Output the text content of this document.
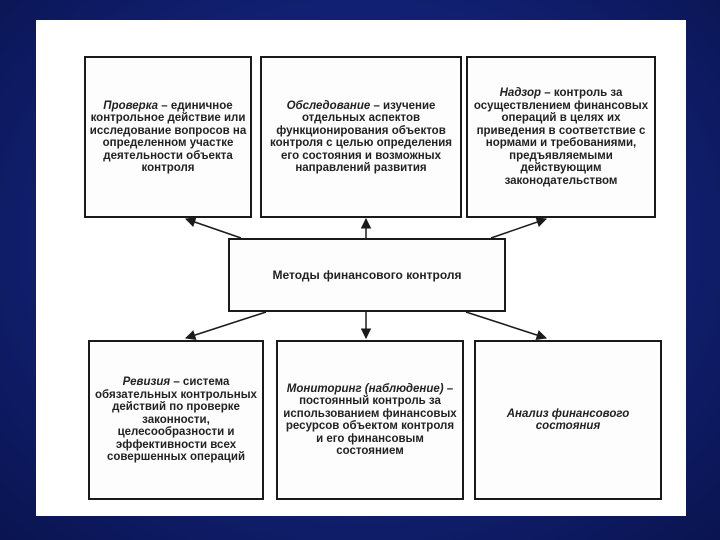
Проверка – единичное контрольное действие или исследование вопросов на определенном участке деятельности объекта контроля
Обследование – изучение отдельных аспектов функционирования объектов контроля с целью определения его состояния и возможных направлений развития
Надзор – контроль за осуществлением финансовых операций в целях их приведения в соответствие с нормами и требованиями, предъявляемыми действующим законодательством
Методы финансового контроля
Ревизия – система обязательных контрольных действий по проверке законности, целесообразности и эффективности всех совершенных операций
Мониторинг (наблюдение) – постоянный контроль за использованием финансовых ресурсов объектом контроля и его финансовым состоянием
Анализ финансового состояния
